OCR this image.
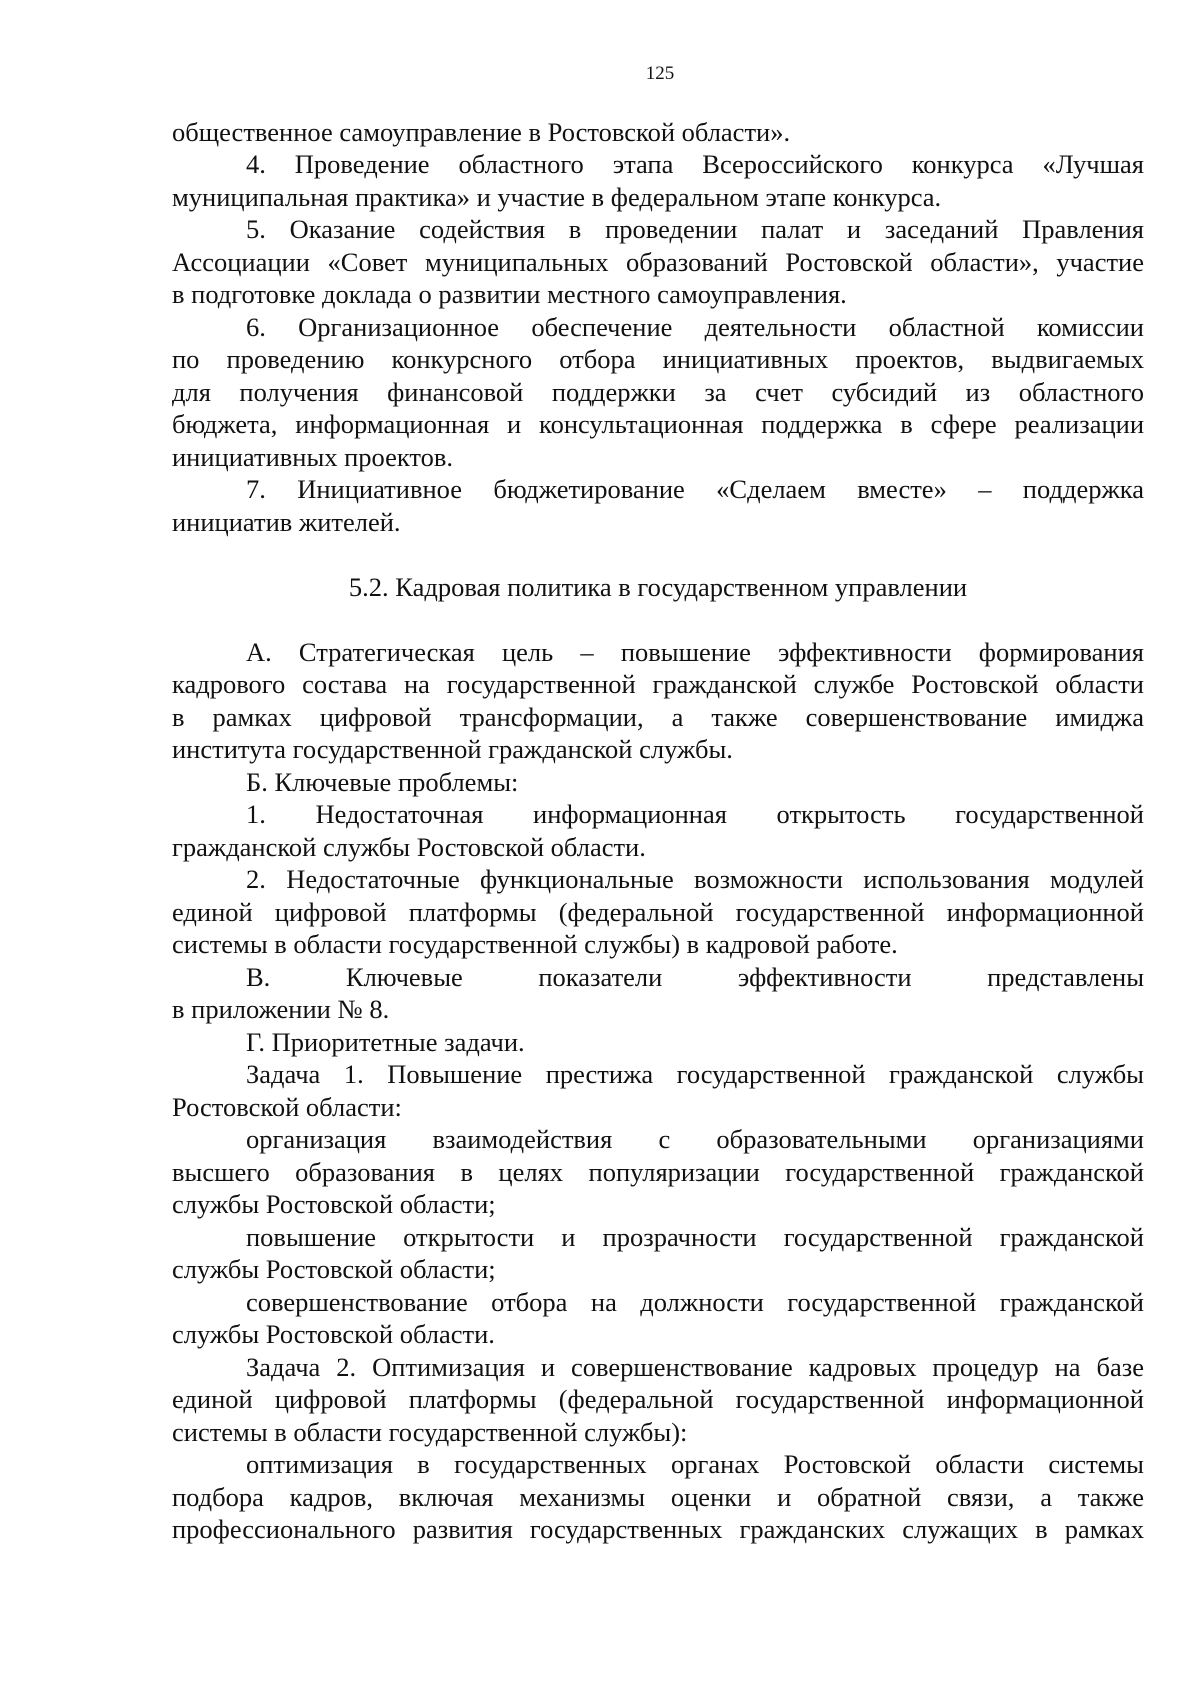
125
общественное самоуправление в Ростовской области».
4. Проведение областного этапа Всероссийского конкурса «Лучшая
муниципальная практика» и участие в федеральном этапе конкурса.
5. Оказание содействия в проведении палат и заседаний Правления
Ассоциации «Совет муниципальных образований Ростовской области», участие
в подготовке доклада о развитии местного самоуправления.
6. Организационное обеспечение деятельности областной комиссии
по проведению конкурсного отбора инициативных проектов, выдвигаемых
для получения финансовой поддержки за счет субсидий из областного
бюджета, информационная и консультационная поддержка в сфере реализации
инициативных проектов.
7. Инициативное бюджетирование «Сделаем вместе» – поддержка
инициатив жителей.
5.2. Кадровая политика в государственном управлении
А. Стратегическая цель – повышение эффективности формирования
кадрового состава на государственной гражданской службе Ростовской области
в рамках цифровой трансформации, а также совершенствование имиджа
института государственной гражданской службы.
Б. Ключевые проблемы:
1. Недостаточная информационная открытость государственной
гражданской службы Ростовской области.
2. Недостаточные функциональные возможности использования модулей
единой цифровой платформы (федеральной государственной информационной
системы в области государственной службы) в кадровой работе.
В. Ключевые показатели эффективности представлены
в приложении № 8.
Г. Приоритетные задачи.
Задача 1. Повышение престижа государственной гражданской службы
Ростовской области:
организация взаимодействия с образовательными организациями
высшего образования в целях популяризации государственной гражданской
службы Ростовской области;
повышение открытости и прозрачности государственной гражданской
службы Ростовской области;
совершенствование отбора на должности государственной гражданской
службы Ростовской области.
Задача 2. Оптимизация и совершенствование кадровых процедур на базе
единой цифровой платформы (федеральной государственной информационной
системы в области государственной службы):
оптимизация в государственных органах Ростовской области системы
подбора кадров, включая механизмы оценки и обратной связи, а также
профессионального развития государственных гражданских служащих в рамках
